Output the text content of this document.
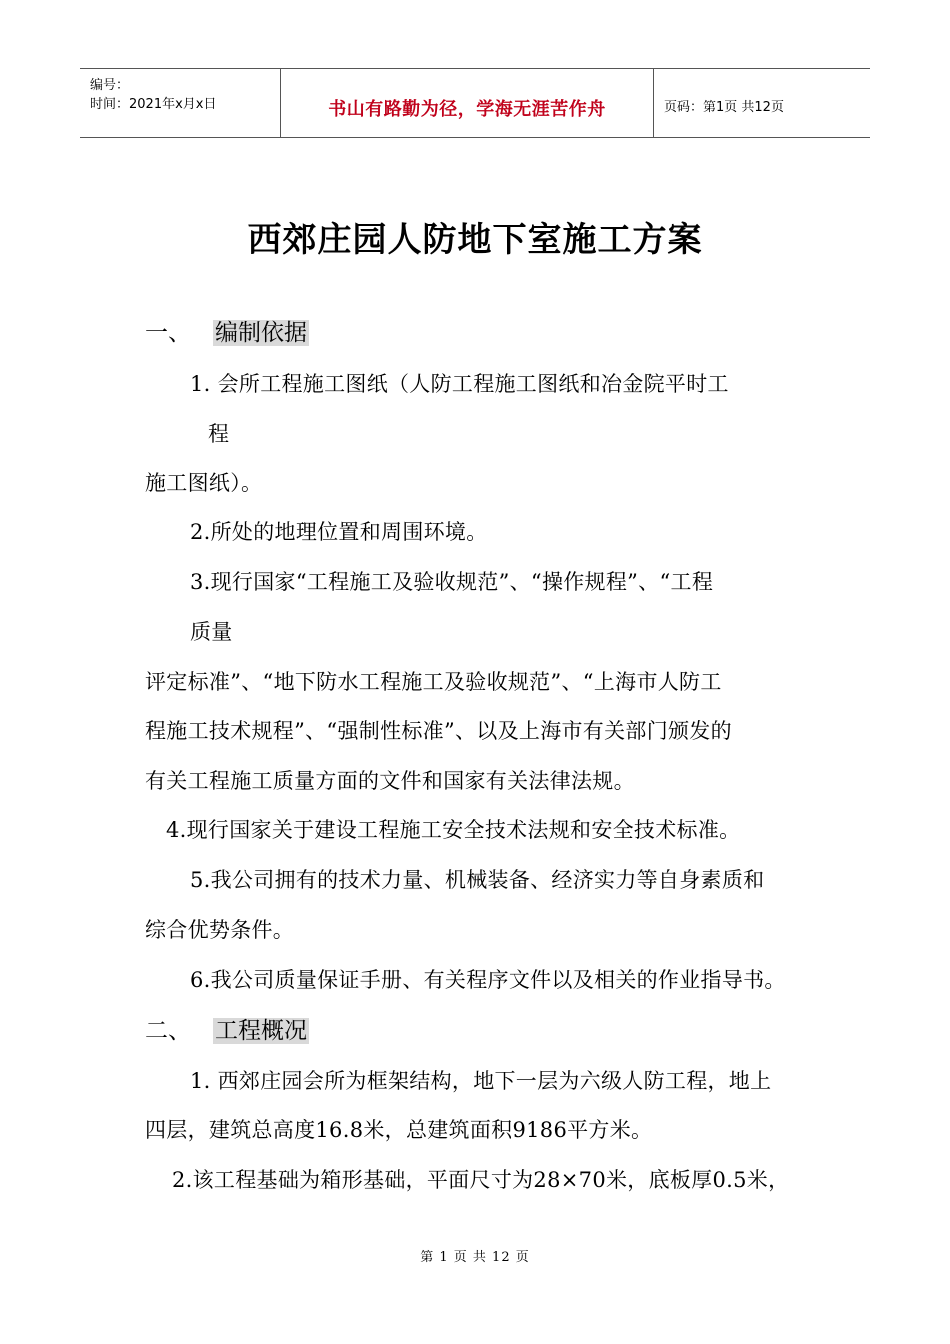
编号：
时间：2021年x月x日	书山有路勤为径，学海无涯苦作舟	页码：第1页 共12页
西郊庄园人防地下室施工方案
一、 编制依据
1. 会所工程施工图纸（人防工程施工图纸和冶金院平时工
程
施工图纸）。
2.所处的地理位置和周围环境。
3.现行国家“工程施工及验收规范”、“操作规程”、“工程
质量
评定标准”、“地下防水工程施工及验收规范”、“上海市人防工
程施工技术规程”、“强制性标准”、以及上海市有关部门颁发的
有关工程施工质量方面的文件和国家有关法律法规。
4.现行国家关于建设工程施工安全技术法规和安全技术标准。
5.我公司拥有的技术力量、机械装备、经济实力等自身素质和
综合优势条件。
6.我公司质量保证手册、有关程序文件以及相关的作业指导书。
二、 工程概况
1. 西郊庄园会所为框架结构，地下一层为六级人防工程，地上
四层，建筑总高度16.8米，总建筑面积9186平方米。
2.该工程基础为箱形基础，平面尺寸为28×70米，底板厚0.5米，
第 1 页 共 12 页
